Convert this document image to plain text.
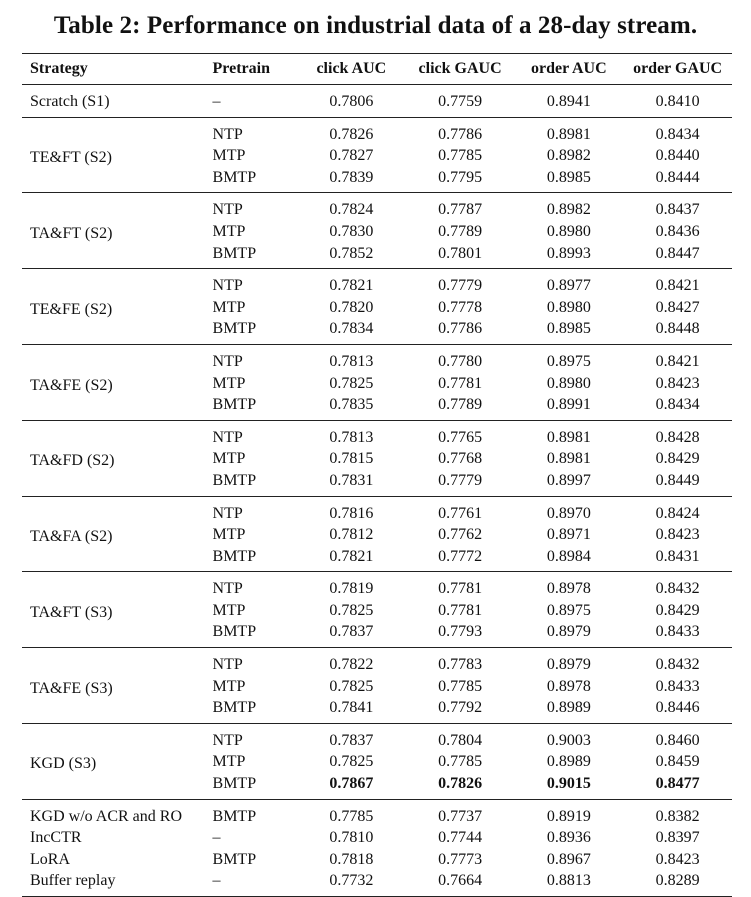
Table 2: Performance on industrial data of a 28-day stream.
Strategy	Pretrain	click AUC	click GAUC	order AUC	order GAUC
Scratch (S1)	–	0.7806	0.7759	0.8941	0.8410
TE&FT (S2)	NTP	0.7826	0.7786	0.8981	0.8434
	MTP	0.7827	0.7785	0.8982	0.8440
	BMTP	0.7839	0.7795	0.8985	0.8444
TA&FT (S2)	NTP	0.7824	0.7787	0.8982	0.8437
	MTP	0.7830	0.7789	0.8980	0.8436
	BMTP	0.7852	0.7801	0.8993	0.8447
TE&FE (S2)	NTP	0.7821	0.7779	0.8977	0.8421
	MTP	0.7820	0.7778	0.8980	0.8427
	BMTP	0.7834	0.7786	0.8985	0.8448
TA&FE (S2)	NTP	0.7813	0.7780	0.8975	0.8421
	MTP	0.7825	0.7781	0.8980	0.8423
	BMTP	0.7835	0.7789	0.8991	0.8434
TA&FD (S2)	NTP	0.7813	0.7765	0.8981	0.8428
	MTP	0.7815	0.7768	0.8981	0.8429
	BMTP	0.7831	0.7779	0.8997	0.8449
TA&FA (S2)	NTP	0.7816	0.7761	0.8970	0.8424
	MTP	0.7812	0.7762	0.8971	0.8423
	BMTP	0.7821	0.7772	0.8984	0.8431
TA&FT (S3)	NTP	0.7819	0.7781	0.8978	0.8432
	MTP	0.7825	0.7781	0.8975	0.8429
	BMTP	0.7837	0.7793	0.8979	0.8433
TA&FE (S3)	NTP	0.7822	0.7783	0.8979	0.8432
	MTP	0.7825	0.7785	0.8978	0.8433
	BMTP	0.7841	0.7792	0.8989	0.8446
KGD (S3)	NTP	0.7837	0.7804	0.9003	0.8460
	MTP	0.7825	0.7785	0.8989	0.8459
	BMTP	0.7867	0.7826	0.9015	0.8477
KGD w/o ACR and RO	BMTP	0.7785	0.7737	0.8919	0.8382
IncCTR	–	0.7810	0.7744	0.8936	0.8397
LoRA	BMTP	0.7818	0.7773	0.8967	0.8423
Buffer replay	–	0.7732	0.7664	0.8813	0.8289
